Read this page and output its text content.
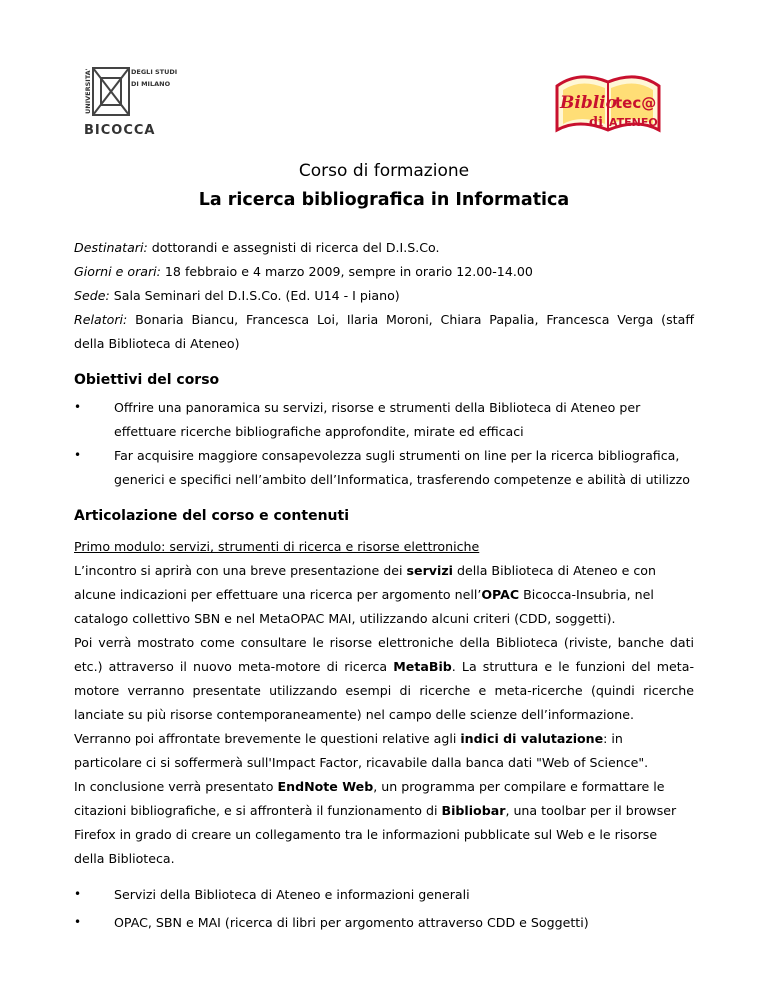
UNIVERSITA'	DEGLI STUDI
DI MILANO
BICOCCA
Biblio
tec@
di ATENEO
Corso di formazione
La ricerca bibliografica in Informatica
Destinatari: dottorandi e assegnisti di ricerca del D.I.S.Co.
Giorni e orari: 18 febbraio e 4 marzo 2009, sempre in orario 12.00-14.00
Sede: Sala Seminari del D.I.S.Co. (Ed. U14 - I piano)
Relatori: Bonaria Biancu, Francesca Loi, Ilaria Moroni, Chiara Papalia, Francesca Verga (staff
della Biblioteca di Ateneo)
Obiettivi del corso
•	Offrire una panoramica su servizi, risorse e strumenti della Biblioteca di Ateneo per
effettuare ricerche bibliografiche approfondite, mirate ed efficaci
•	Far acquisire maggiore consapevolezza sugli strumenti on line per la ricerca bibliografica,
generici e specifici nell’ambito dell’Informatica, trasferendo competenze e abilità di utilizzo
Articolazione del corso e contenuti
Primo modulo: servizi, strumenti di ricerca e risorse elettroniche
L’incontro si aprirà con una breve presentazione dei servizi della Biblioteca di Ateneo e con
alcune indicazioni per effettuare una ricerca per argomento nell’OPAC Bicocca-Insubria, nel
catalogo collettivo SBN e nel MetaOPAC MAI, utilizzando alcuni criteri (CDD, soggetti).
Poi verrà mostrato come consultare le risorse elettroniche della Biblioteca (riviste, banche dati
etc.) attraverso il nuovo meta-motore di ricerca MetaBib. La struttura e le funzioni del meta-
motore verranno presentate utilizzando esempi di ricerche e meta-ricerche (quindi ricerche
lanciate su più risorse contemporaneamente) nel campo delle scienze dell’informazione.
Verranno poi affrontate brevemente le questioni relative agli indici di valutazione: in
particolare ci si soffermerà sull'Impact Factor, ricavabile dalla banca dati "Web of Science".
In conclusione verrà presentato EndNote Web, un programma per compilare e formattare le
citazioni bibliografiche, e si affronterà il funzionamento di Bibliobar, una toolbar per il browser
Firefox in grado di creare un collegamento tra le informazioni pubblicate sul Web e le risorse
della Biblioteca.
•	Servizi della Biblioteca di Ateneo e informazioni generali
•	OPAC, SBN e MAI (ricerca di libri per argomento attraverso CDD e Soggetti)
